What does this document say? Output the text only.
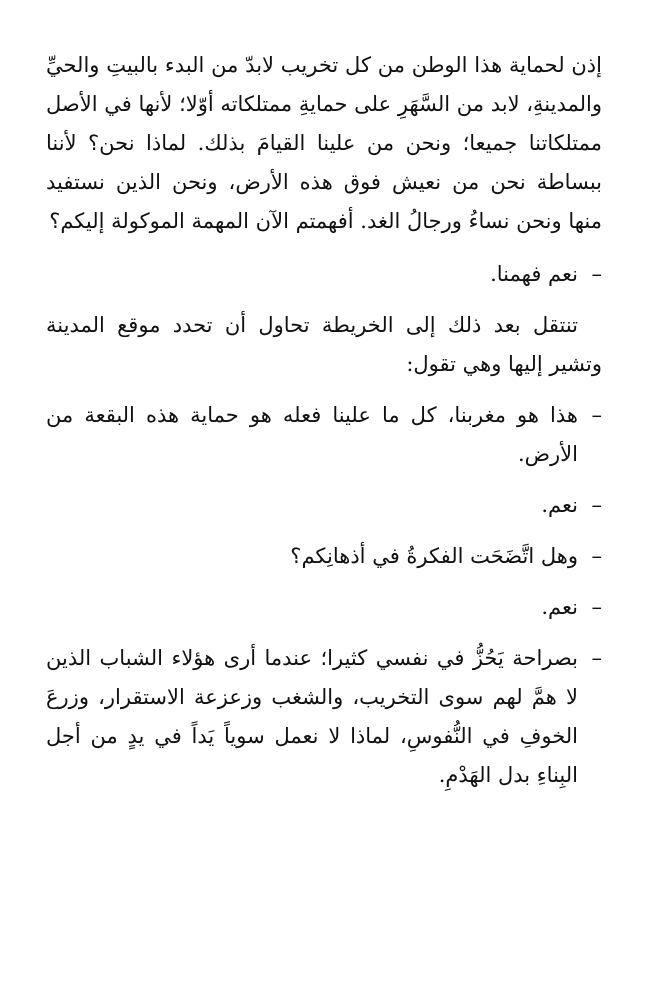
إذن لحماية هذا الوطن من كل تخريب لابدّ من البدء بالبيتِ والحيِّ والمدينةِ، لابد من السَّهَرِ على حمايةِ ممتلكاته أوّلا؛ لأنها في الأصل ممتلكاتنا جميعا؛ ونحن من علينا القيامَ بذلك. لماذا نحن؟ لأننا ببساطة نحن من نعيش فوق هذه الأرض، ونحن الذين نستفيد منها ونحن نساءُ ورجالُ الغد. أفهمتم الآن المهمة الموكولة إليكم؟

–نعم فهمنا.

تنتقل بعد ذلك إلى الخريطة تحاول أن تحدد موقع المدينة وتشير إليها وهي تقول:

–هذا هو مغربنا، كل ما علينا فعله هو حماية هذه البقعة من الأرض.

–نعم.

–وهل اتَّضَحَت الفكرةُ في أذهانِكم؟

–نعم.

–بصراحة يَحُزُّ في نفسي كثيرا؛ عندما أرى هؤلاء الشباب الذين لا همَّ لهم سوى التخريب، والشغب وزعزعة الاستقرار، وزرعَ الخوفِ في النُّفوسِ، لماذا لا نعمل سوياً يَداً في يدٍ من أجل البِناءِ بدل الهَدْمِ.
